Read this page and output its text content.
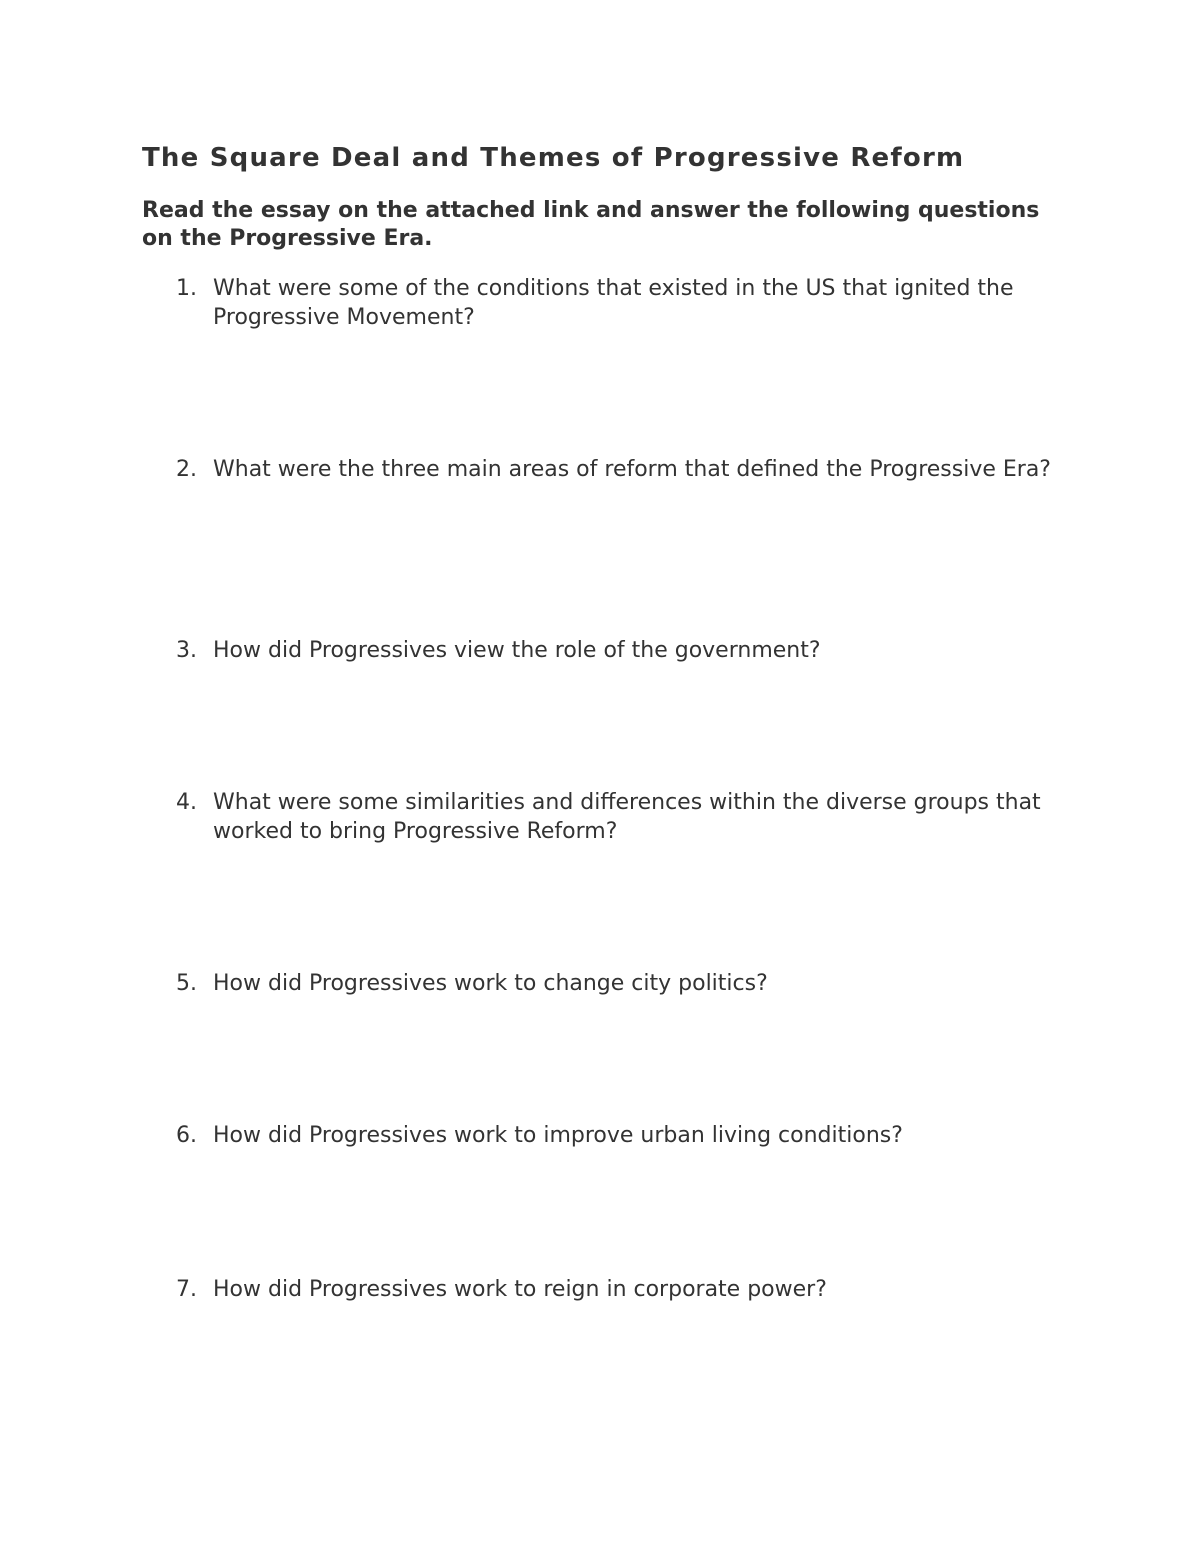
The Square Deal and Themes of Progressive Reform

Read the essay on the attached link and answer the following questions on the Progressive Era.

1. What were some of the conditions that existed in the US that ignited the Progressive Movement?
2. What were the three main areas of reform that defined the Progressive Era?
3. How did Progressives view the role of the government?
4. What were some similarities and differences within the diverse groups that worked to bring Progressive Reform?
5. How did Progressives work to change city politics?
6. How did Progressives work to improve urban living conditions?
7. How did Progressives work to reign in corporate power?
